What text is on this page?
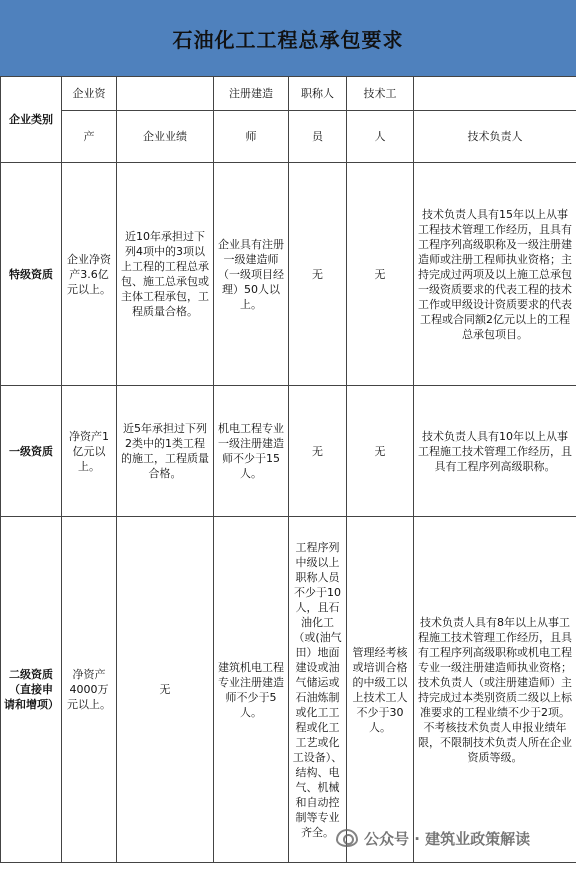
石油化工工程总承包要求
企业类别	企业资		注册建造	职称人	技术工	
	产	企业业绩	师	员	人	技术负责人
特级资质	企业净资产3.6亿元以上。	近10年承担过下列4项中的3项以上工程的工程总承包、施工总承包或主体工程承包，工程质量合格。	企业具有注册一级建造师（一级项目经理）50人以上。	无	无	技术负责人具有15年以上从事工程技术管理工作经历，且具有工程序列高级职称及一级注册建造师或注册工程师执业资格；主持完成过两项及以上施工总承包一级资质要求的代表工程的技术工作或甲级设计资质要求的代表工程或合同额2亿元以上的工程总承包项目。
一级资质	净资产1亿元以上。	近5年承担过下列2类中的1类工程的施工，工程质量合格。	机电工程专业一级注册建造师不少于15人。	无	无	技术负责人具有10年以上从事工程施工技术管理工作经历，且具有工程序列高级职称。
二级资质（直接申请和增项）	净资产4000万元以上。	无	建筑机电工程专业注册建造师不少于5人。	工程序列中级以上职称人员不少于10人，且石油化工（或(油气田）地面建设或油气储运或石油炼制或化工工程或化工工艺或化工设备）、结构、电气、机械和自动控制等专业齐全。	管理经考核或培训合格的中级工以上技术工人不少于30人。	技术负责人具有8年以上从事工程施工技术管理工作经历，且具有工程序列高级职称或机电工程专业一级注册建造师执业资格；技术负责人（或注册建造师）主持完成过本类别资质二级以上标准要求的工程业绩不少于2项。不考核技术负责人申报业绩年限，不限制技术负责人所在企业资质等级。
公众号 · 建筑业政策解读
